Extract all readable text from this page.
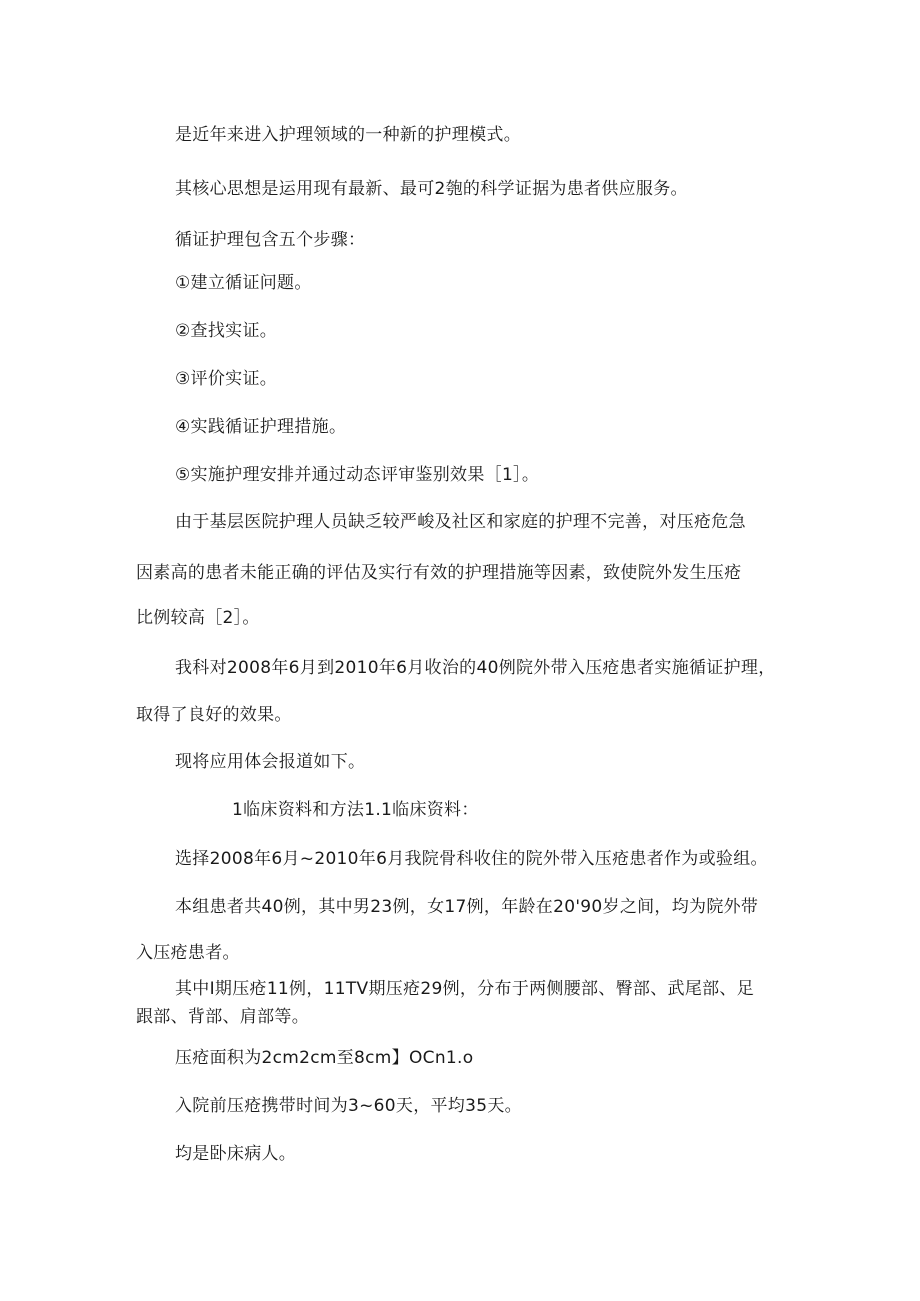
是近年来进入护理领域的一种新的护理模式。
其核心思想是运用现有最新、最可2匏的科学证据为患者供应服务。
循证护理包含五个步骤：
①建立循证问题。
②查找实证。
③评价实证。
④实践循证护理措施。
⑤实施护理安排并通过动态评审鉴别效果［1］。
由于基层医院护理人员缺乏较严峻及社区和家庭的护理不完善，对压疮危急
因素高的患者未能正确的评估及实行有效的护理措施等因素，致使院外发生压疮
比例较高［2］。
我科对2008年6月到2010年6月收治的40例院外带入压疮患者实施循证护理，
取得了良好的效果。
现将应用体会报道如下。
1临床资料和方法1.1临床资料：
选择2008年6月~2010年6月我院骨科收住的院外带入压疮患者作为或验组。
本组患者共40例，其中男23例，女17例，年龄在20'90岁之间，均为院外带
入压疮患者。
其中I期压疮11例，11TV期压疮29例，分布于两侧腰部、臀部、武尾部、足
跟部、背部、肩部等。
压疮面积为2cm2cm至8cm】OCn1.o
入院前压疮携带时间为3~60天，平均35天。
均是卧床病人。
